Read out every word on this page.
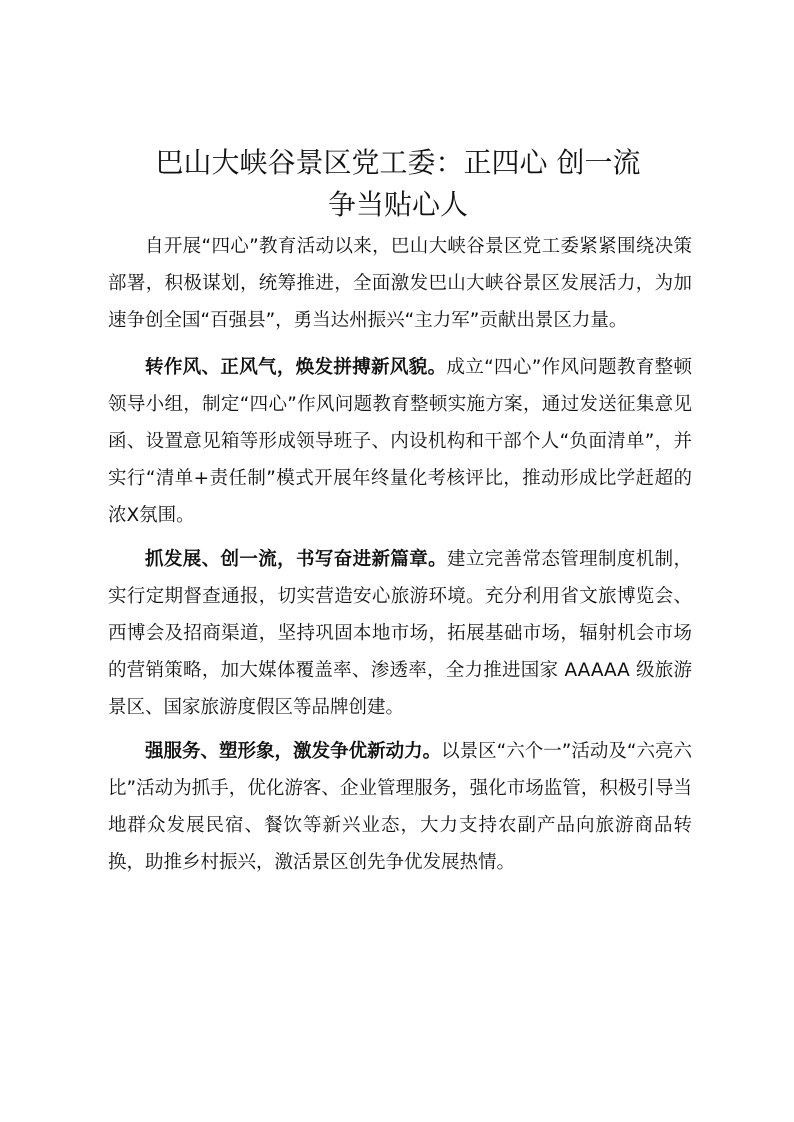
巴山大峡谷景区党工委：正四心 创一流
争当贴心人

自开展“四心”教育活动以来，巴山大峡谷景区党工委紧紧围绕决策部署，积极谋划，统筹推进，全面激发巴山大峡谷景区发展活力，为加速争创全国“百强县”，勇当达州振兴“主力军”贡献出景区力量。

转作风、正风气，焕发拼搏新风貌。成立“四心”作风问题教育整顿领导小组，制定“四心”作风问题教育整顿实施方案，通过发送征集意见函、设置意见箱等形成领导班子、内设机构和干部个人“负面清单”，并实行“清单+责任制”模式开展年终量化考核评比，推动形成比学赶超的浓X氛围。

抓发展、创一流，书写奋进新篇章。建立完善常态管理制度机制，实行定期督查通报，切实营造安心旅游环境。充分利用省文旅博览会、西博会及招商渠道，坚持巩固本地市场，拓展基础市场，辐射机会市场的营销策略，加大媒体覆盖率、渗透率，全力推进国家 AAAAA 级旅游景区、国家旅游度假区等品牌创建。

强服务、塑形象，激发争优新动力。以景区“六个一”活动及“六亮六比”活动为抓手，优化游客、企业管理服务，强化市场监管，积极引导当地群众发展民宿、餐饮等新兴业态，大力支持农副产品向旅游商品转换，助推乡村振兴，激活景区创先争优发展热情。
